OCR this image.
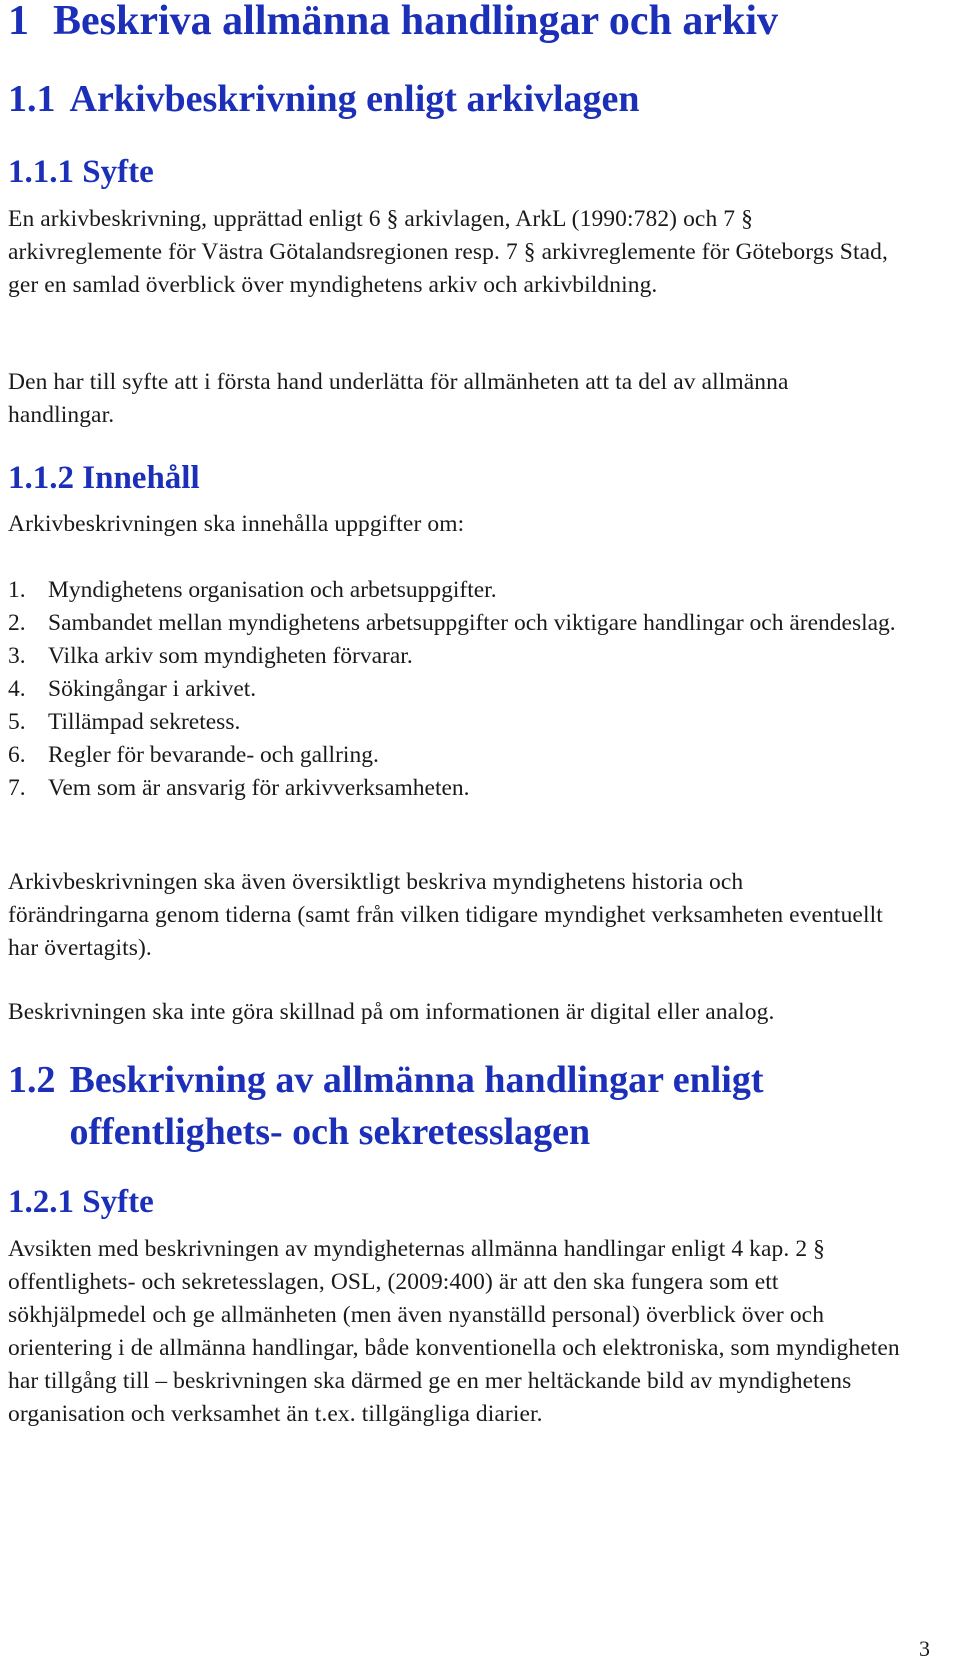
1 Beskriva allmänna handlingar och arkiv
1.1 Arkivbeskrivning enligt arkivlagen
1.1.1 Syfte

En arkivbeskrivning, upprättad enligt 6 § arkivlagen, ArkL (1990:782) och 7 § arkivreglemente för Västra Götalandsregionen resp. 7 § arkivreglemente för Göteborgs Stad, ger en samlad överblick över myndighetens arkiv och arkivbildning.

Den har till syfte att i första hand underlätta för allmänheten att ta del av allmänna handlingar.

1.1.2 Innehåll

Arkivbeskrivningen ska innehålla uppgifter om:

1. Myndighetens organisation och arbetsuppgifter.
2. Sambandet mellan myndighetens arbetsuppgifter och viktigare handlingar och ärendeslag.
3. Vilka arkiv som myndigheten förvarar.
4. Sökingångar i arkivet.
5. Tillämpad sekretess.
6. Regler för bevarande- och gallring.
7. Vem som är ansvarig för arkivverksamheten.

Arkivbeskrivningen ska även översiktligt beskriva myndighetens historia och förändringarna genom tiderna (samt från vilken tidigare myndighet verksamheten eventuellt har övertagits).

Beskrivningen ska inte göra skillnad på om informationen är digital eller analog.

1.2 Beskrivning av allmänna handlingar enligt offentlighets- och sekretesslagen
1.2.1 Syfte

Avsikten med beskrivningen av myndigheternas allmänna handlingar enligt 4 kap. 2 § offentlighets- och sekretesslagen, OSL, (2009:400) är att den ska fungera som ett sökhjälpmedel och ge allmänheten (men även nyanställd personal) överblick över och orientering i de allmänna handlingar, både konventionella och elektroniska, som myndigheten har tillgång till – beskrivningen ska därmed ge en mer heltäckande bild av myndighetens organisation och verksamhet än t.ex. tillgängliga diarier.

3
